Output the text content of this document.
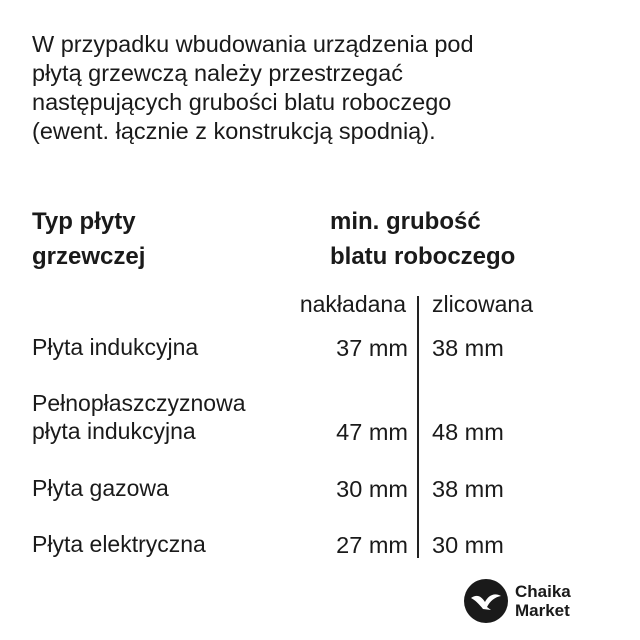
W przypadku wbudowania urządzenia pod
płytą grzewczą należy przestrzegać
następujących grubości blatu roboczego
(ewent. łącznie z konstrukcją spodnią).
Typ płyty
grzewczej
min. grubość
blatu roboczego
nakładana zlicowana
Płyta indukcyjna	37 mm 38 mm
Pełnopłaszczyznowa
płyta indukcyjna	47 mm 48 mm
Płyta gazowa	30 mm 38 mm
Płyta elektryczna	27 mm 30 mm
Chaika
Market
